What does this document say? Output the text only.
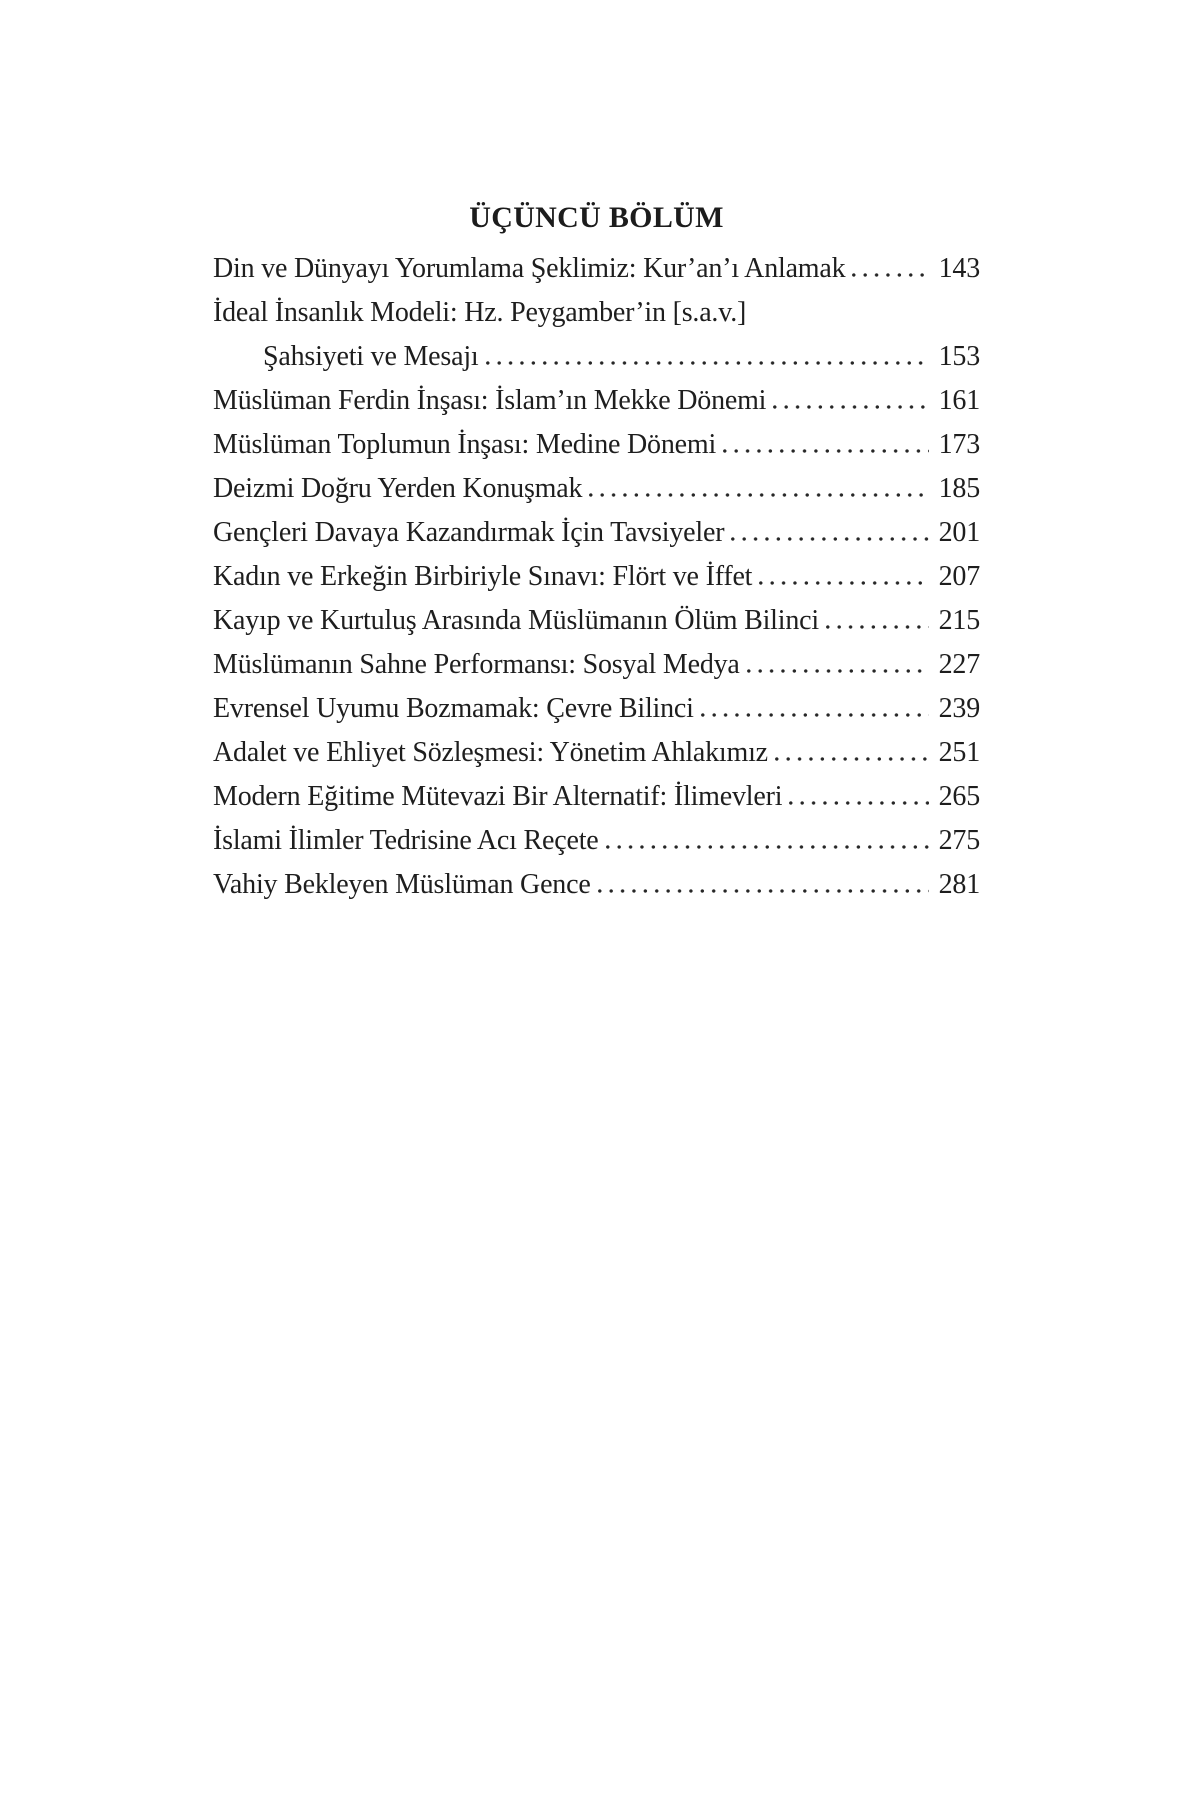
ÜÇÜNCÜ BÖLÜM
Din ve Dünyayı Yorumlama Şeklimiz: Kur’an’ı Anlamak	143
İdeal İnsanlık Modeli: Hz. Peygamber’in [s.a.v.]
Şahsiyeti ve Mesajı	153
Müslüman Ferdin İnşası: İslam’ın Mekke Dönemi	161
Müslüman Toplumun İnşası: Medine Dönemi	173
Deizmi Doğru Yerden Konuşmak	185
Gençleri Davaya Kazandırmak İçin Tavsiyeler	201
Kadın ve Erkeğin Birbiriyle Sınavı: Flört ve İffet	207
Kayıp ve Kurtuluş Arasında Müslümanın Ölüm Bilinci	215
Müslümanın Sahne Performansı: Sosyal Medya	227
Evrensel Uyumu Bozmamak: Çevre Bilinci	239
Adalet ve Ehliyet Sözleşmesi: Yönetim Ahlakımız	251
Modern Eğitime Mütevazi Bir Alternatif: İlimevleri	265
İslami İlimler Tedrisine Acı Reçete	275
Vahiy Bekleyen Müslüman Gence	281
